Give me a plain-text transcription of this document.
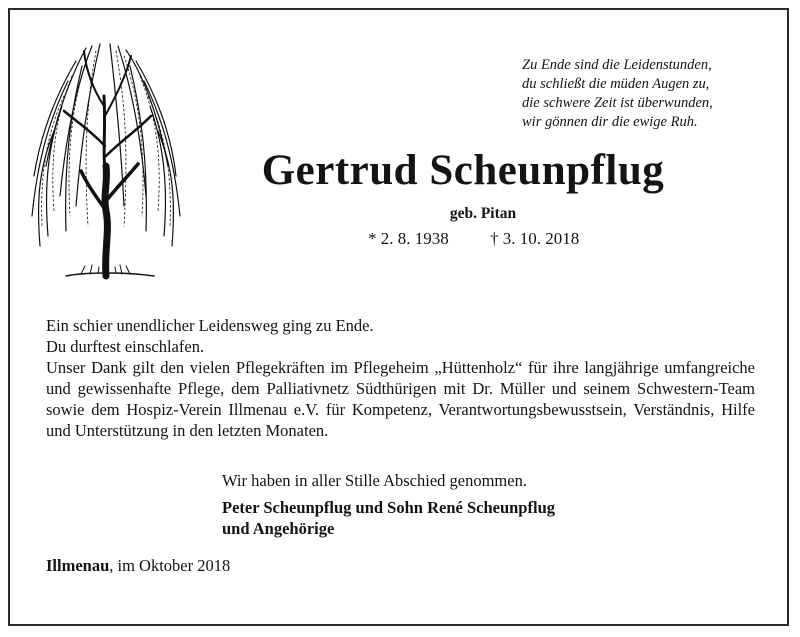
Zu Ende sind die Leidenstunden,
du schließt die müden Augen zu,
die schwere Zeit ist überwunden,
wir gönnen dir die ewige Ruh.
Gertrud Scheunpflug
geb. Pitan
* 2. 8. 1938 † 3. 10. 2018

Ein schier unendlicher Leidensweg ging zu Ende.

Du durftest einschlafen.

Unser Dank gilt den vielen Pflegekräften im Pflegeheim „Hüttenholz“ für ihre langjährige umfangreiche und gewissenhafte Pflege, dem Palliativnetz Südthürigen mit Dr. Müller und seinem Schwestern-Team sowie dem Hospiz-Verein Illmenau e.V. für Kompetenz, Verantwortungsbewusstsein, Verständnis, Hilfe und Unterstützung in den letzten Monaten.

Wir haben in aller Stille Abschied genommen.
Peter Scheunpflug und Sohn René Scheunpflug
und Angehörige
Illmenau, im Oktober 2018
